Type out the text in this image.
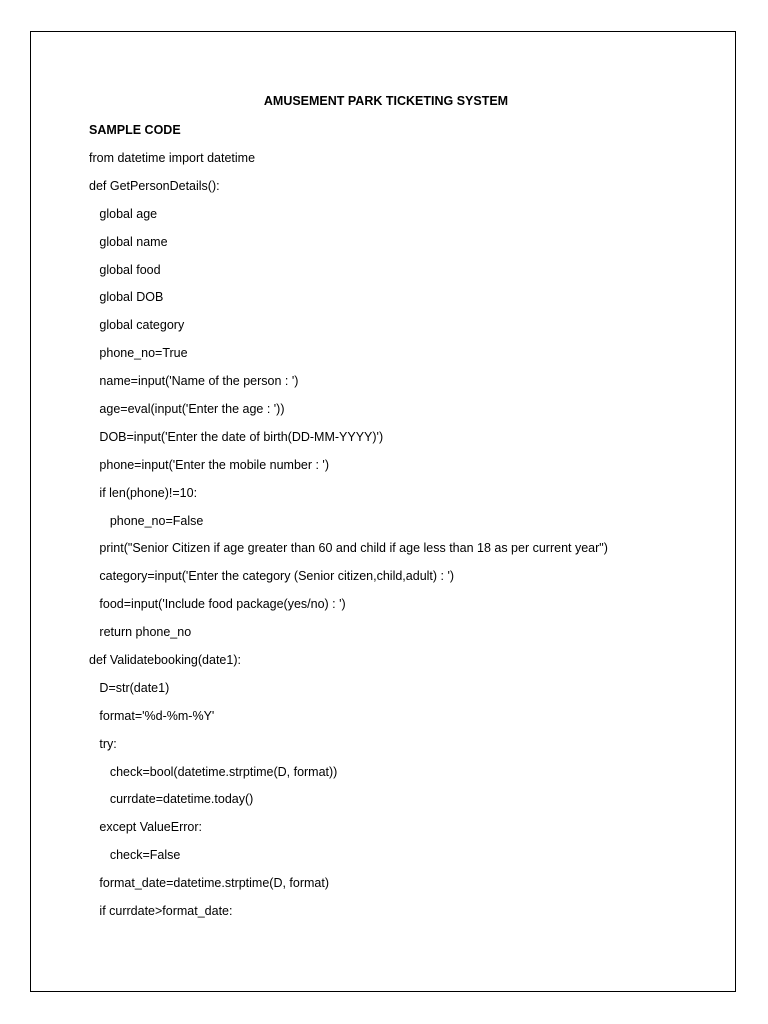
AMUSEMENT PARK TICKETING SYSTEM
SAMPLE CODE
from datetime import datetime
def GetPersonDetails():
global age
global name
global food
global DOB
global category
phone_no=True
name=input('Name of the person : ')
age=eval(input('Enter the age : '))
DOB=input('Enter the date of birth(DD-MM-YYYY)')
phone=input('Enter the mobile number : ')
if len(phone)!=10:
phone_no=False
print("Senior Citizen if age greater than 60 and child if age less than 18 as per current year")
category=input('Enter the category (Senior citizen,child,adult) : ')
food=input('Include food package(yes/no) : ')
return phone_no
def Validatebooking(date1):
D=str(date1)
format='%d-%m-%Y'
try:
check=bool(datetime.strptime(D, format))
currdate=datetime.today()
except ValueError:
check=False
format_date=datetime.strptime(D, format)
if currdate>format_date:
